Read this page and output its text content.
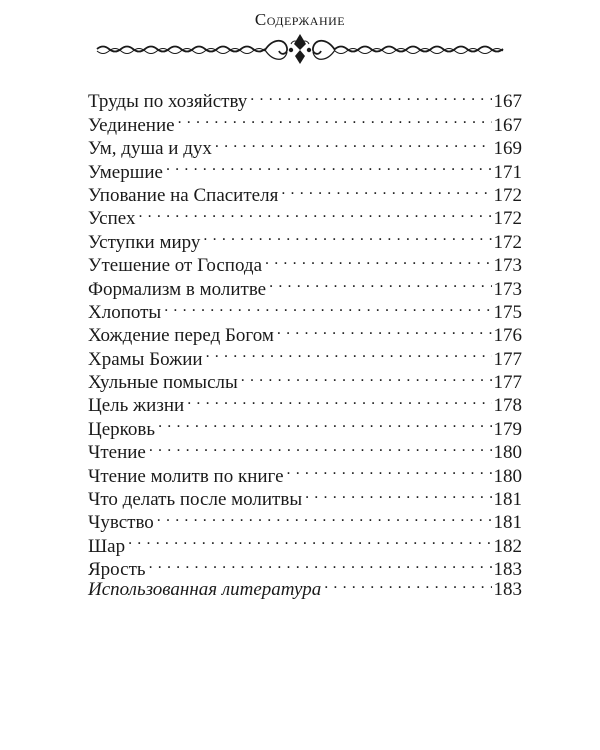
Содержание
Труды по хозяйству . . .	167
Уединение . . .	167
Ум, душа и дух . . .	169
Умершие . . .	171
Упование на Спасителя . . .	172
Успех . . .	172
Уступки миру . . .	172
Утешение от Господа . . .	173
Формализм в молитве . . .	173
Хлопоты . . .	175
Хождение перед Богом . . .	176
Храмы Божии . . .	177
Хульные помыслы . . .	177
Цель жизни . . .	178
Церковь . . .	179
Чтение . . .	180
Чтение молитв по книге . . .	180
Что делать после молитвы . . .	181
Чувство . . .	181
Шар . . .	182
Ярость . . .	183
Использованная литература . . .	183
